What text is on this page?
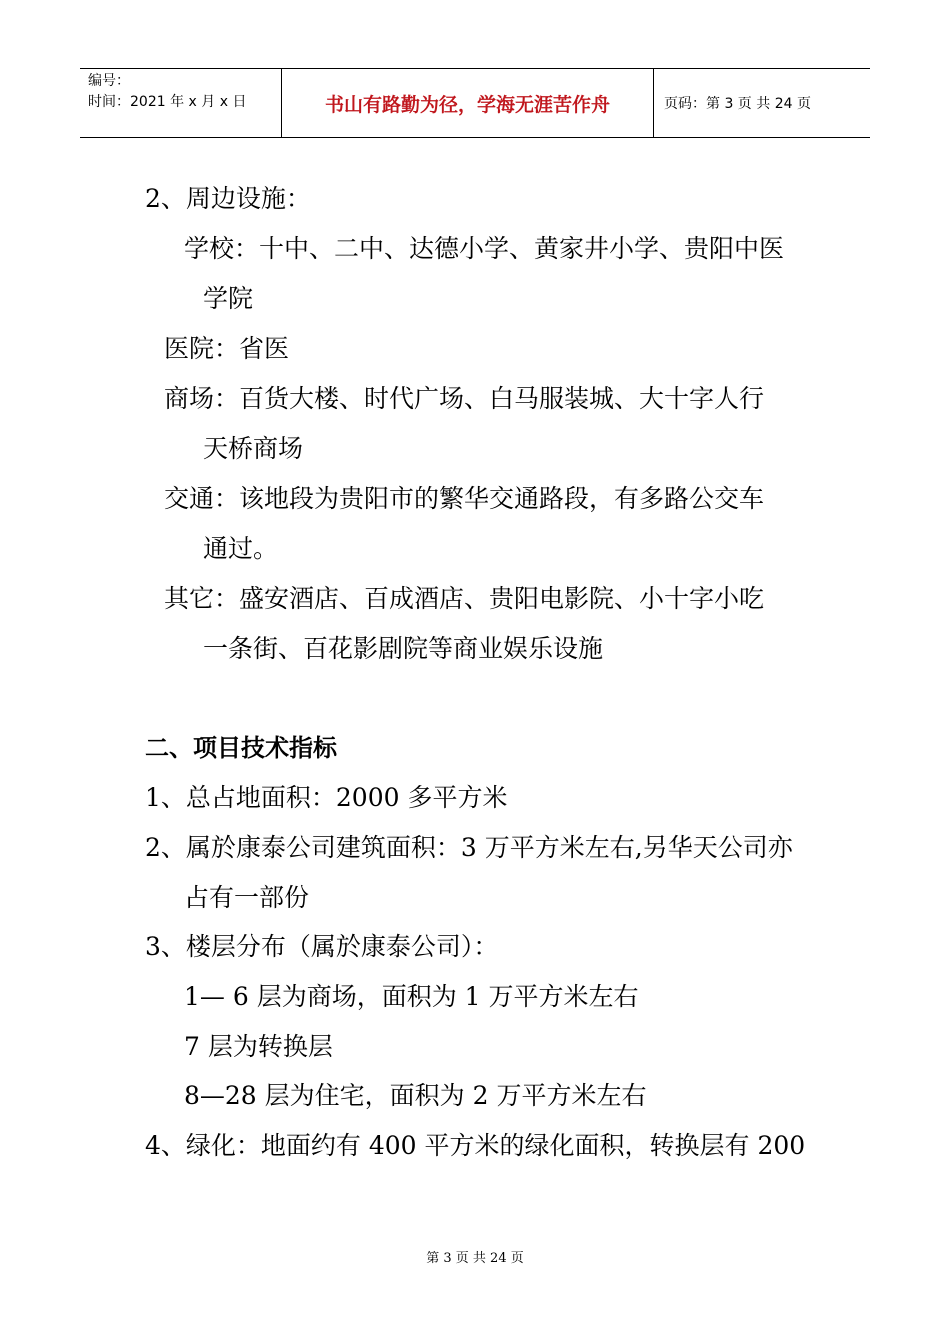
编号：
时间：2021 年 x 月 x 日	书山有路勤为径，学海无涯苦作舟	页码：第 3 页 共 24 页
2、周边设施：
学校：十中、二中、达德小学、黄家井小学、贵阳中医
学院
医院：省医
商场：百货大楼、时代广场、白马服装城、大十字人行
天桥商场
交通：该地段为贵阳市的繁华交通路段，有多路公交车
通过。
其它：盛安酒店、百成酒店、贵阳电影院、小十字小吃
一条街、百花影剧院等商业娱乐设施
二、项目技术指标
1、总占地面积：2000 多平方米
2、属於康泰公司建筑面积：3 万平方米左右,另华天公司亦
占有一部份
3、楼层分布（属於康泰公司）：
1— 6 层为商场，面积为 1 万平方米左右
7 层为转换层
8—28 层为住宅，面积为 2 万平方米左右
4、绿化：地面约有 400 平方米的绿化面积，转换层有 200
第 3 页 共 24 页
